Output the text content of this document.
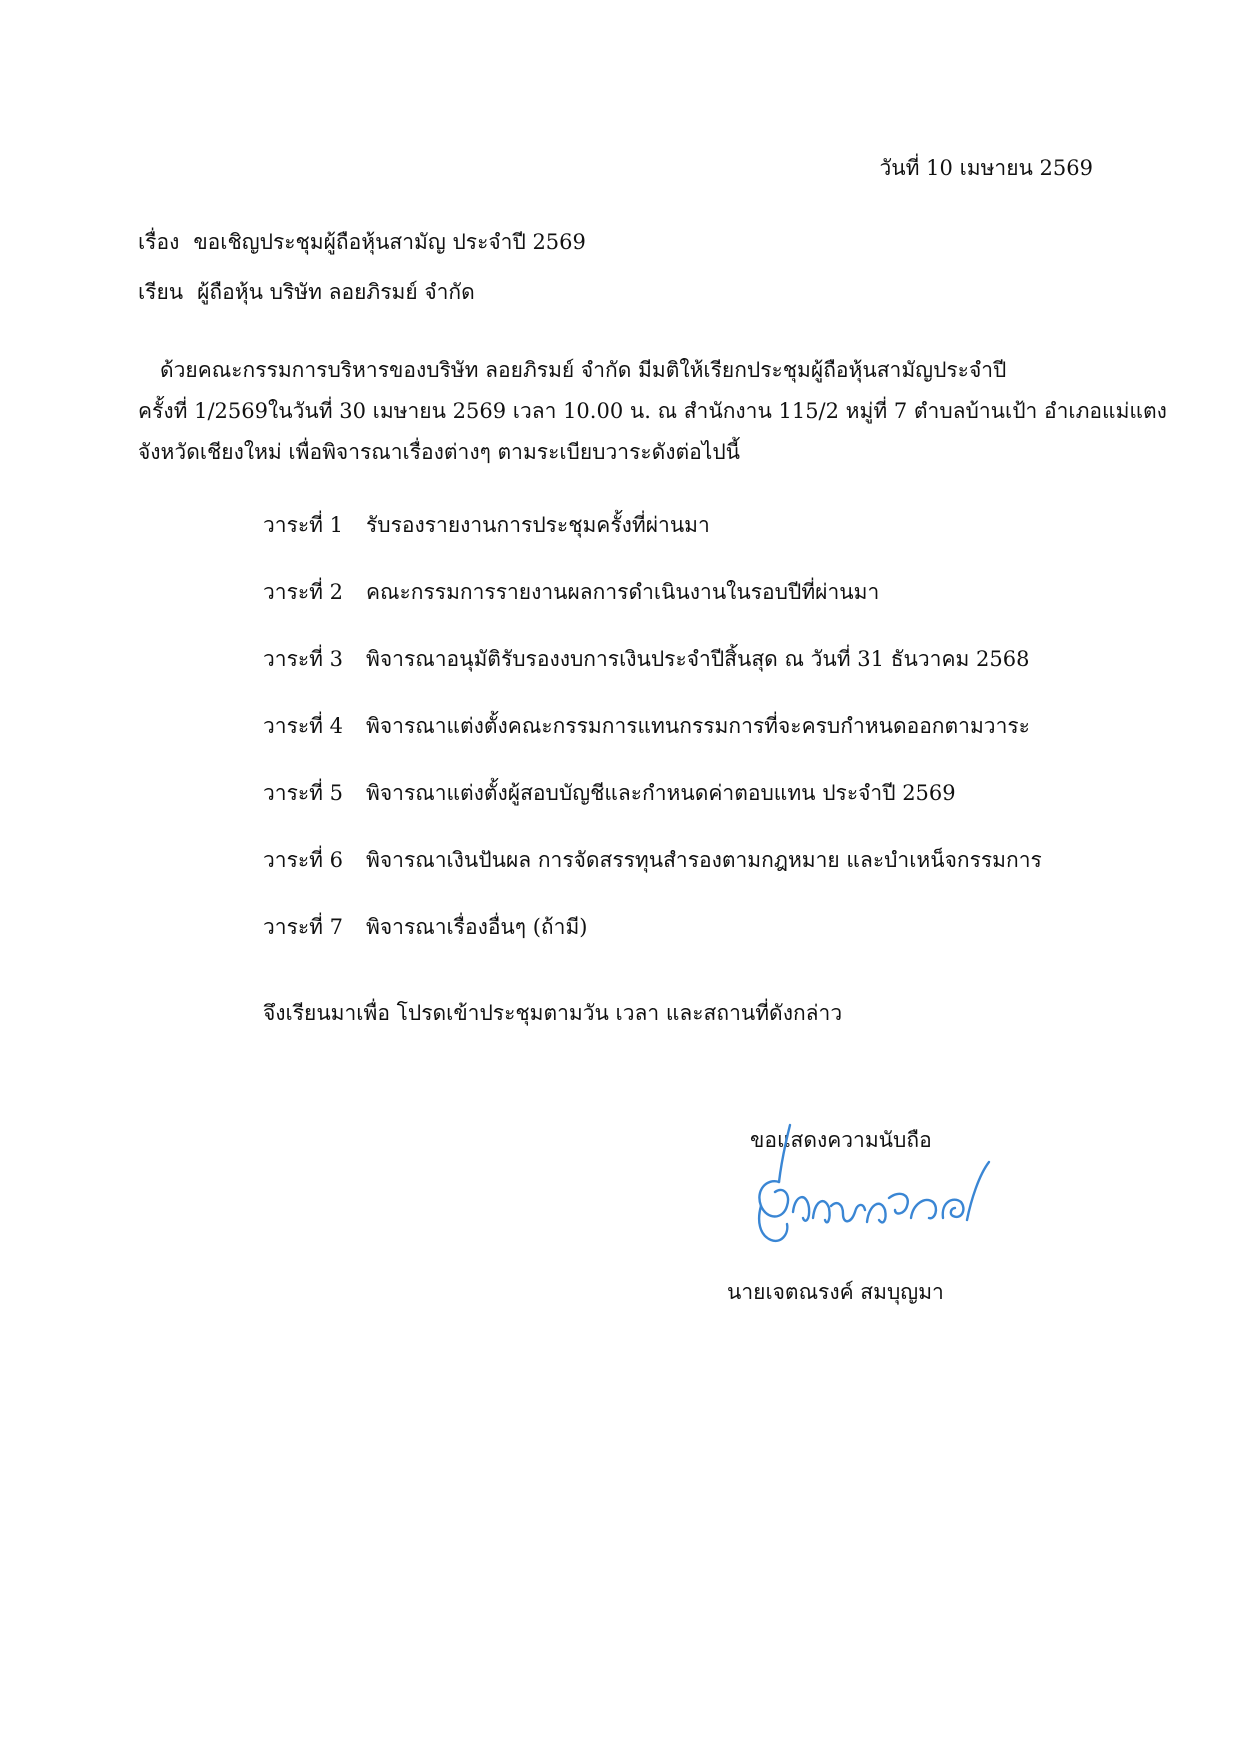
วันที่ 10 เมษายน 2569
เรื่อง ขอเชิญประชุมผู้ถือหุ้นสามัญ ประจำปี 2569
เรียน ผู้ถือหุ้น บริษัท ลอยภิรมย์ จำกัด
ด้วยคณะกรรมการบริหารของบริษัท ลอยภิรมย์ จำกัด มีมติให้เรียกประชุมผู้ถือหุ้นสามัญประจำปี
ครั้งที่ 1/2569ในวันที่ 30 เมษายน 2569 เวลา 10.00 น. ณ สำนักงาน 115/2 หมู่ที่ 7 ตำบลบ้านเป้า อำเภอแม่แตง
จังหวัดเชียงใหม่ เพื่อพิจารณาเรื่องต่างๆ ตามระเบียบวาระดังต่อไปนี้
วาระที่ 1 รับรองรายงานการประชุมครั้งที่ผ่านมา
วาระที่ 2 คณะกรรมการรายงานผลการดำเนินงานในรอบปีที่ผ่านมา
วาระที่ 3 พิจารณาอนุมัติรับรองงบการเงินประจำปีสิ้นสุด ณ วันที่ 31 ธันวาคม 2568
วาระที่ 4 พิจารณาแต่งตั้งคณะกรรมการแทนกรรมการที่จะครบกำหนดออกตามวาระ
วาระที่ 5 พิจารณาแต่งตั้งผู้สอบบัญชีและกำหนดค่าตอบแทน ประจำปี 2569
วาระที่ 6 พิจารณาเงินปันผล การจัดสรรทุนสำรองตามกฎหมาย และบำเหน็จกรรมการ
วาระที่ 7 พิจารณาเรื่องอื่นๆ (ถ้ามี)
จึงเรียนมาเพื่อ โปรดเข้าประชุมตามวัน เวลา และสถานที่ดังกล่าว
ขอแสดงความนับถือ
นายเจตณรงค์ สมบุญมา
